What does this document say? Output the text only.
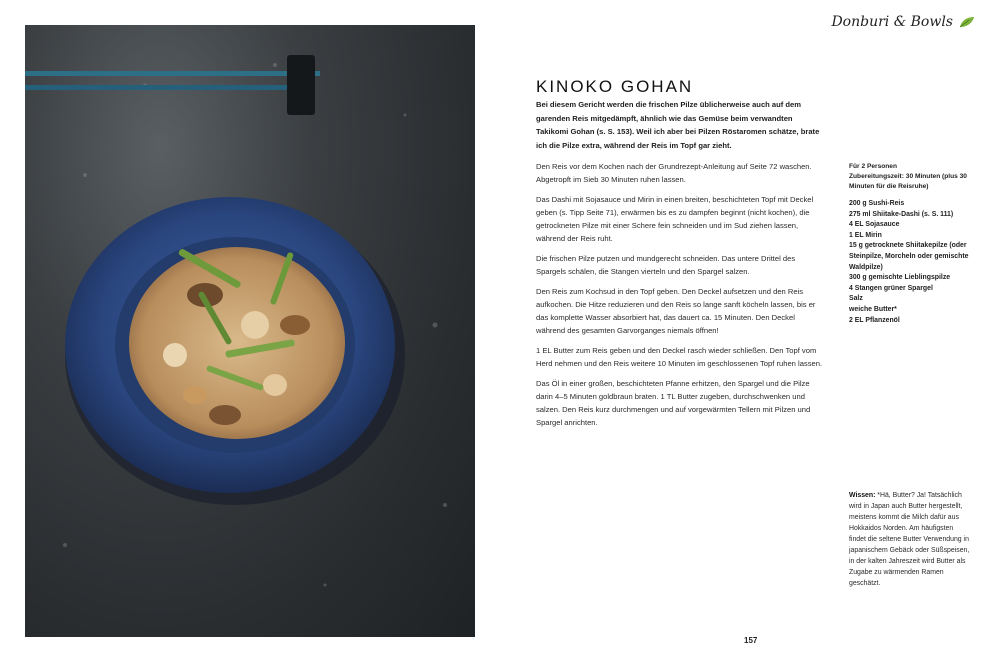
Donburi & Bowls
KINOKO GOHAN

Bei diesem Gericht werden die frischen Pilze üblicherweise auch auf dem garenden Reis mitgedämpft, ähnlich wie das Gemüse beim verwandten Takikomi Gohan (s. S. 153). Weil ich aber bei Pilzen Röstaromen schätze, brate ich die Pilze extra, während der Reis im Topf gar zieht.

Den Reis vor dem Kochen nach der Grundrezept-Anleitung auf Seite 72 waschen. Abgetropft im Sieb 30 Minuten ruhen lassen.

Das Dashi mit Sojasauce und Mirin in einen breiten, beschichteten Topf mit Deckel geben (s. Tipp Seite 71), erwärmen bis es zu dampfen beginnt (nicht kochen), die getrockneten Pilze mit einer Schere fein schneiden und im Sud ziehen lassen, während der Reis ruht.

Die frischen Pilze putzen und mundgerecht schneiden. Das untere Drittel des Spargels schälen, die Stangen vierteln und den Spargel salzen.

Den Reis zum Kochsud in den Topf geben. Den Deckel aufsetzen und den Reis aufkochen. Die Hitze reduzieren und den Reis so lange sanft köcheln lassen, bis er das komplette Wasser absorbiert hat, das dauert ca. 15 Minuten. Den Deckel während des gesamten Garvorganges niemals öffnen!

1 EL Butter zum Reis geben und den Deckel rasch wieder schließen. Den Topf vom Herd nehmen und den Reis weitere 10 Minuten im geschlossenen Topf ruhen lassen.

Das Öl in einer großen, beschichteten Pfanne erhitzen, den Spargel und die Pilze darin 4–5 Minuten goldbraun braten. 1 TL Butter zugeben, durchschwenken und salzen. Den Reis kurz durchmengen und auf vorgewärmten Tellern mit Pilzen und Spargel anrichten.

Für 2 Personen
Zubereitungszeit: 30 Minuten (plus 30 Minuten für die Reisruhe)
200 g Sushi-Reis
275 ml Shiitake-Dashi (s. S. 111)
4 EL Sojasauce
1 EL Mirin
15 g getrocknete Shiitakepilze (oder Steinpilze, Morcheln oder gemischte Waldpilze)
300 g gemischte Lieblingspilze
4 Stangen grüner Spargel
Salz
weiche Butter*
2 EL Pflanzenöl
Wissen: *Hä, Butter? Ja! Tatsächlich wird in Japan auch Butter hergestellt, meistens kommt die Milch dafür aus Hokkaidos Norden. Am häufigsten findet die seltene Butter Verwendung in japanischem Gebäck oder Süßspeisen, in der kalten Jahreszeit wird Butter als Zugabe zu wärmenden Ramen geschätzt.
157
